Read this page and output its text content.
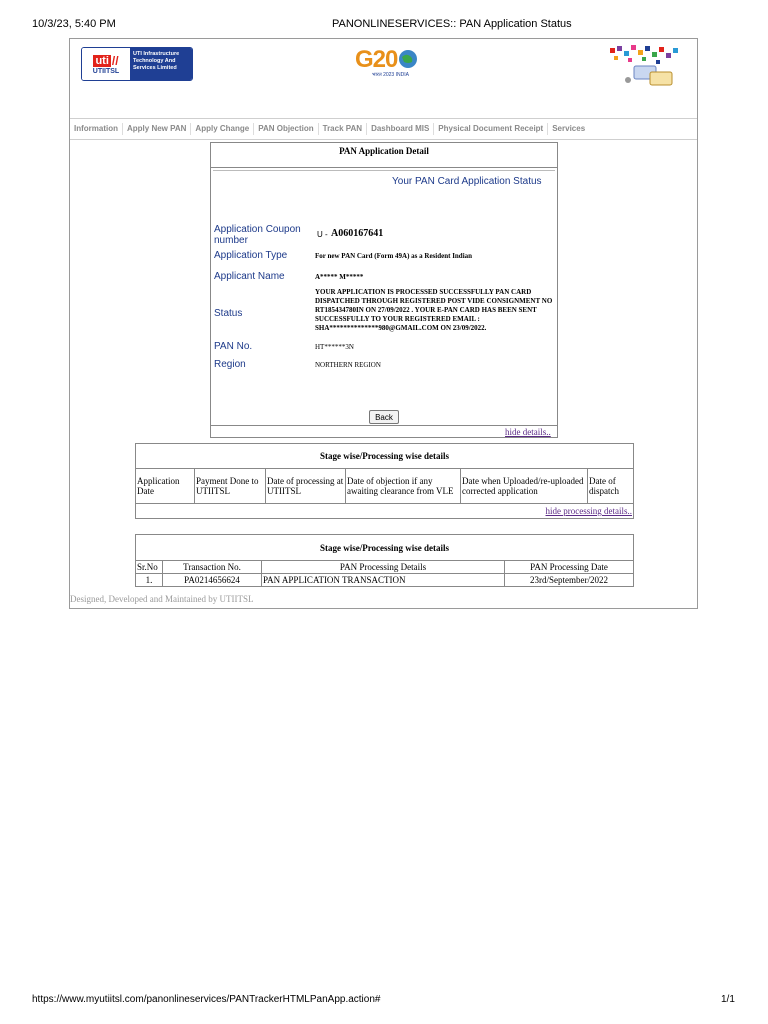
10/3/23, 5:40 PM	PANONLINESERVICES:: PAN Application Status
uti //
UTIITSL
UTI Infrastructure Technology And Services Limited	G20
भारत 2023 INDIA
Information	Apply New PAN	Apply Change	PAN Objection	Track PAN	Dashboard MIS	Physical Document Receipt	Services
PAN Application Detail
Your PAN Card Application Status
Application Coupon number
U - A060167641
Application Type	For new PAN Card (Form 49A) as a Resident Indian
Applicant Name	A***** M*****
Status
YOUR APPLICATION IS PROCESSED SUCCESSFULLY PAN CARD DISPATCHED THROUGH REGISTERED POST VIDE CONSIGNMENT NO RT185434780IN ON 27/09/2022 . YOUR E-PAN CARD HAS BEEN SENT SUCCESSFULLY TO YOUR REGISTERED EMAIL : SHA**************980@GMAIL.COM ON 23/09/2022.
PAN No.	HT******3N
Region	NORTHERN REGION
Back
hide details..
Stage wise/Processing wise details
Application Date	Payment Done to UTIITSL	Date of processing at UTIITSL	Date of objection if any awaiting clearance from VLE	Date when Uploaded/re-uploaded corrected application	Date of dispatch
hide processing details..
Stage wise/Processing wise details			
Sr.No	Transaction No.	PAN Processing Details	PAN Processing Date
1.	PA0214656624	PAN APPLICATION TRANSACTION	23rd/September/2022
Designed, Developed and Maintained by UTIITSL
https://www.myutiitsl.com/panonlineservices/PANTrackerHTMLPanApp.action#	1/1
